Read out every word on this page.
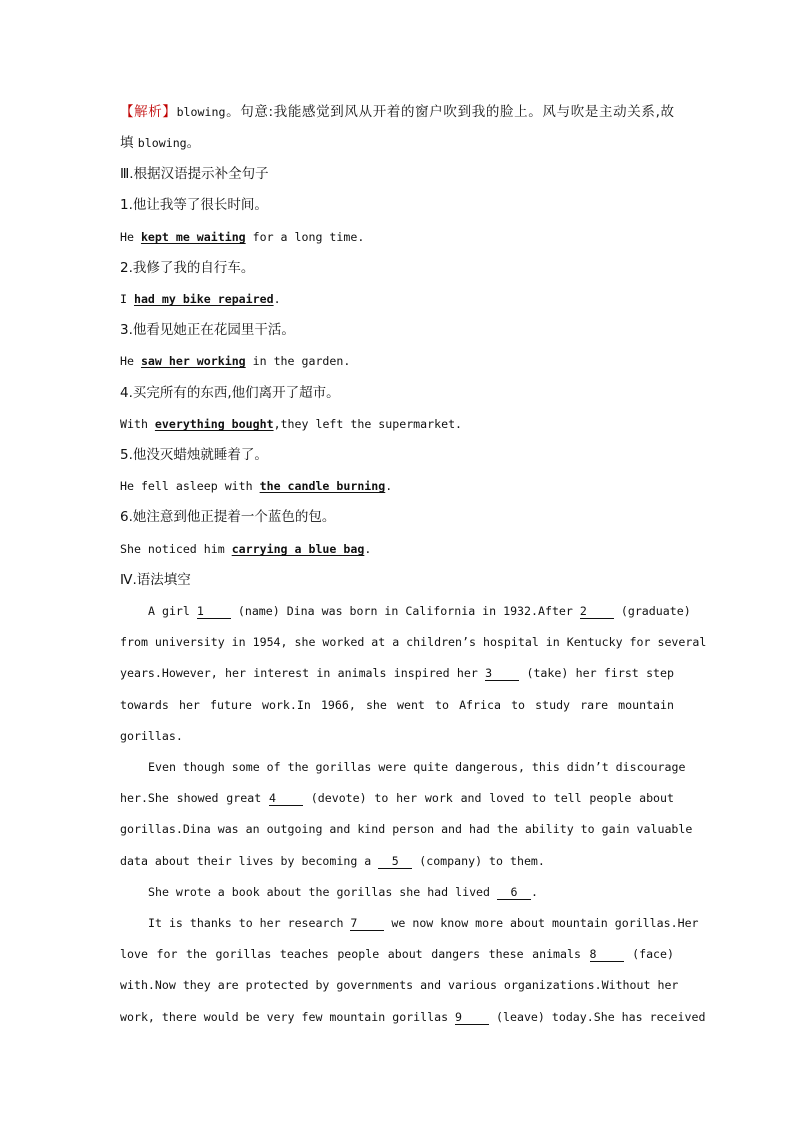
【解析】blowing。句意:我能感觉到风从开着的窗户吹到我的脸上。风与吹是主动关系,故
填 blowing。
Ⅲ.根据汉语提示补全句子
1.他让我等了很长时间。
He kept me waiting for a long time.
2.我修了我的自行车。
I had my bike repaired.
3.他看见她正在花园里干活。
He saw her working in the garden.
4.买完所有的东西,他们离开了超市。
With everything bought,they left the supermarket.
5.他没灭蜡烛就睡着了。
He fell asleep with the candle burning.
6.她注意到他正提着一个蓝色的包。
She noticed him carrying a blue bag.
Ⅳ.语法填空
A girl 1 (name) Dina was born in California in 1932.After 2 (graduate)
from university in 1954, she worked at a children’s hospital in Kentucky for several
years.However, her interest in animals inspired her 3 (take) her first step
towards her future work.In 1966, she went to Africa to study rare mountain
gorillas.
Even though some of the gorillas were quite dangerous, this didn’t discourage
her.She showed great 4 (devote) to her work and loved to tell people about
gorillas.Dina was an outgoing and kind person and had the ability to gain valuable
data about their lives by becoming a 5 (company) to them.
She wrote a book about the gorillas she had lived 6 .
It is thanks to her research 7 we now know more about mountain gorillas.Her
love for the gorillas teaches people about dangers these animals 8 (face)
with.Now they are protected by governments and various organizations.Without her
work, there would be very few mountain gorillas 9 (leave) today.She has received
